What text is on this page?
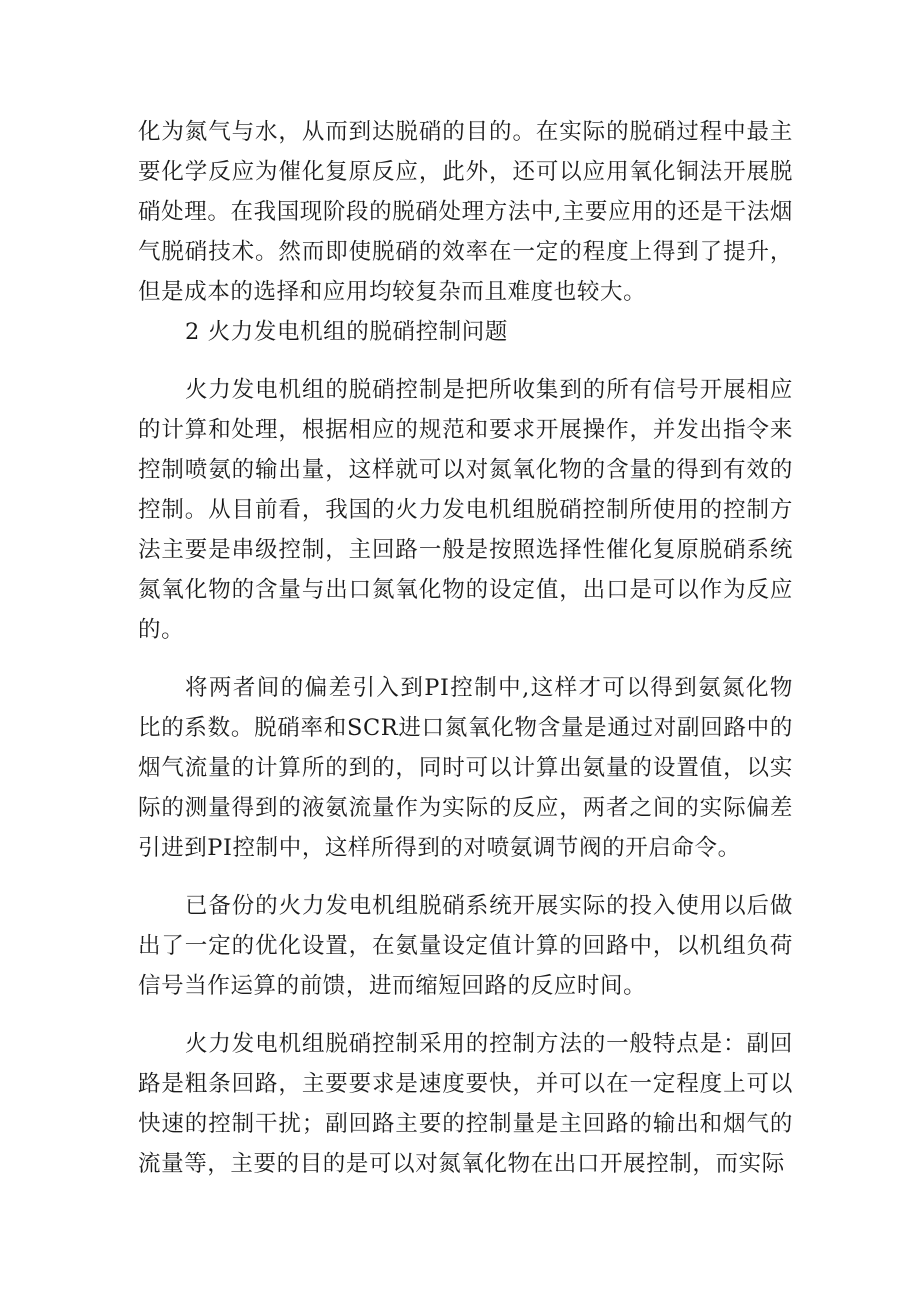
化为氮气与水，从而到达脱硝的目的。在实际的脱硝过程中最主要化学反应为催化复原反应，此外，还可以应用氧化铜法开展脱硝处理。在我国现阶段的脱硝处理方法中,主要应用的还是干法烟气脱硝技术。然而即使脱硝的效率在一定的程度上得到了提升，但是成本的选择和应用均较复杂而且难度也较大。

2 火力发电机组的脱硝控制问题

火力发电机组的脱硝控制是把所收集到的所有信号开展相应的计算和处理，根据相应的规范和要求开展操作，并发出指令来控制喷氨的输出量，这样就可以对氮氧化物的含量的得到有效的控制。从目前看，我国的火力发电机组脱硝控制所使用的控制方法主要是串级控制，主回路一般是按照选择性催化复原脱硝系统氮氧化物的含量与出口氮氧化物的设定值，出口是可以作为反应的。

将两者间的偏差引入到PI控制中,这样才可以得到氨氮化物比的系数。脱硝率和SCR进口氮氧化物含量是通过对副回路中的烟气流量的计算所的到的，同时可以计算出氨量的设置值，以实际的测量得到的液氨流量作为实际的反应，两者之间的实际偏差引进到PI控制中，这样所得到的对喷氨调节阀的开启命令。

已备份的火力发电机组脱硝系统开展实际的投入使用以后做出了一定的优化设置，在氨量设定值计算的回路中，以机组负荷信号当作运算的前馈，进而缩短回路的反应时间。

火力发电机组脱硝控制采用的控制方法的一般特点是：副回路是粗条回路，主要要求是速度要快，并可以在一定程度上可以快速的控制干扰；副回路主要的控制量是主回路的输出和烟气的流量等，主要的目的是可以对氮氧化物在出口开展控制，而实际
